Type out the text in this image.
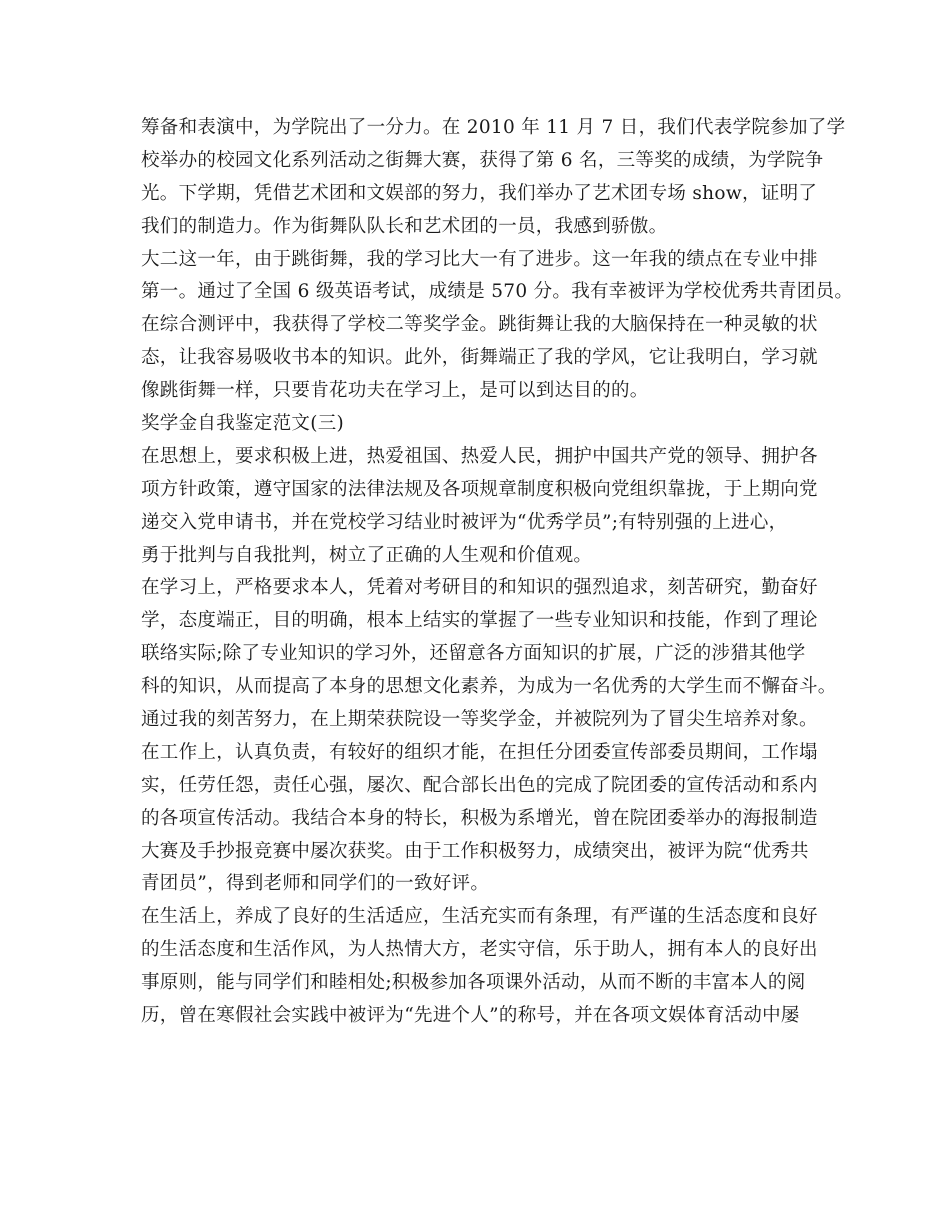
筹备和表演中，为学院出了一分力。在 2010 年 11 月 7 日，我们代表学院参加了学
校举办的校园文化系列活动之街舞大赛，获得了第 6 名，三等奖的成绩，为学院争
光。下学期，凭借艺术团和文娱部的努力，我们举办了艺术团专场 show，证明了
我们的制造力。作为街舞队队长和艺术团的一员，我感到骄傲。
大二这一年，由于跳街舞，我的学习比大一有了进步。这一年我的绩点在专业中排
第一。通过了全国 6 级英语考试，成绩是 570 分。我有幸被评为学校优秀共青团员。
在综合测评中，我获得了学校二等奖学金。跳街舞让我的大脑保持在一种灵敏的状
态，让我容易吸收书本的知识。此外，街舞端正了我的学风，它让我明白，学习就
像跳街舞一样，只要肯花功夫在学习上，是可以到达目的的。
奖学金自我鉴定范文(三)
在思想上，要求积极上进，热爱祖国、热爱人民，拥护中国共产党的领导、拥护各
项方针政策，遵守国家的法律法规及各项规章制度积极向党组织靠拢，于上期向党
递交入党申请书，并在党校学习结业时被评为“优秀学员”;有特别强的上进心，
勇于批判与自我批判，树立了正确的人生观和价值观。
在学习上，严格要求本人，凭着对考研目的和知识的强烈追求，刻苦研究，勤奋好
学，态度端正，目的明确，根本上结实的掌握了一些专业知识和技能，作到了理论
联络实际;除了专业知识的学习外，还留意各方面知识的扩展，广泛的涉猎其他学
科的知识，从而提高了本身的思想文化素养，为成为一名优秀的大学生而不懈奋斗。
通过我的刻苦努力，在上期荣获院设一等奖学金，并被院列为了冒尖生培养对象。
在工作上，认真负责，有较好的组织才能，在担任分团委宣传部委员期间，工作塌
实，任劳任怨，责任心强，屡次、配合部长出色的完成了院团委的宣传活动和系内
的各项宣传活动。我结合本身的特长，积极为系增光，曾在院团委举办的海报制造
大赛及手抄报竞赛中屡次获奖。由于工作积极努力，成绩突出，被评为院“优秀共
青团员”，得到老师和同学们的一致好评。
在生活上，养成了良好的生活适应，生活充实而有条理，有严谨的生活态度和良好
的生活态度和生活作风，为人热情大方，老实守信，乐于助人，拥有本人的良好出
事原则，能与同学们和睦相处;积极参加各项课外活动，从而不断的丰富本人的阅
历，曾在寒假社会实践中被评为“先进个人”的称号，并在各项文娱体育活动中屡
